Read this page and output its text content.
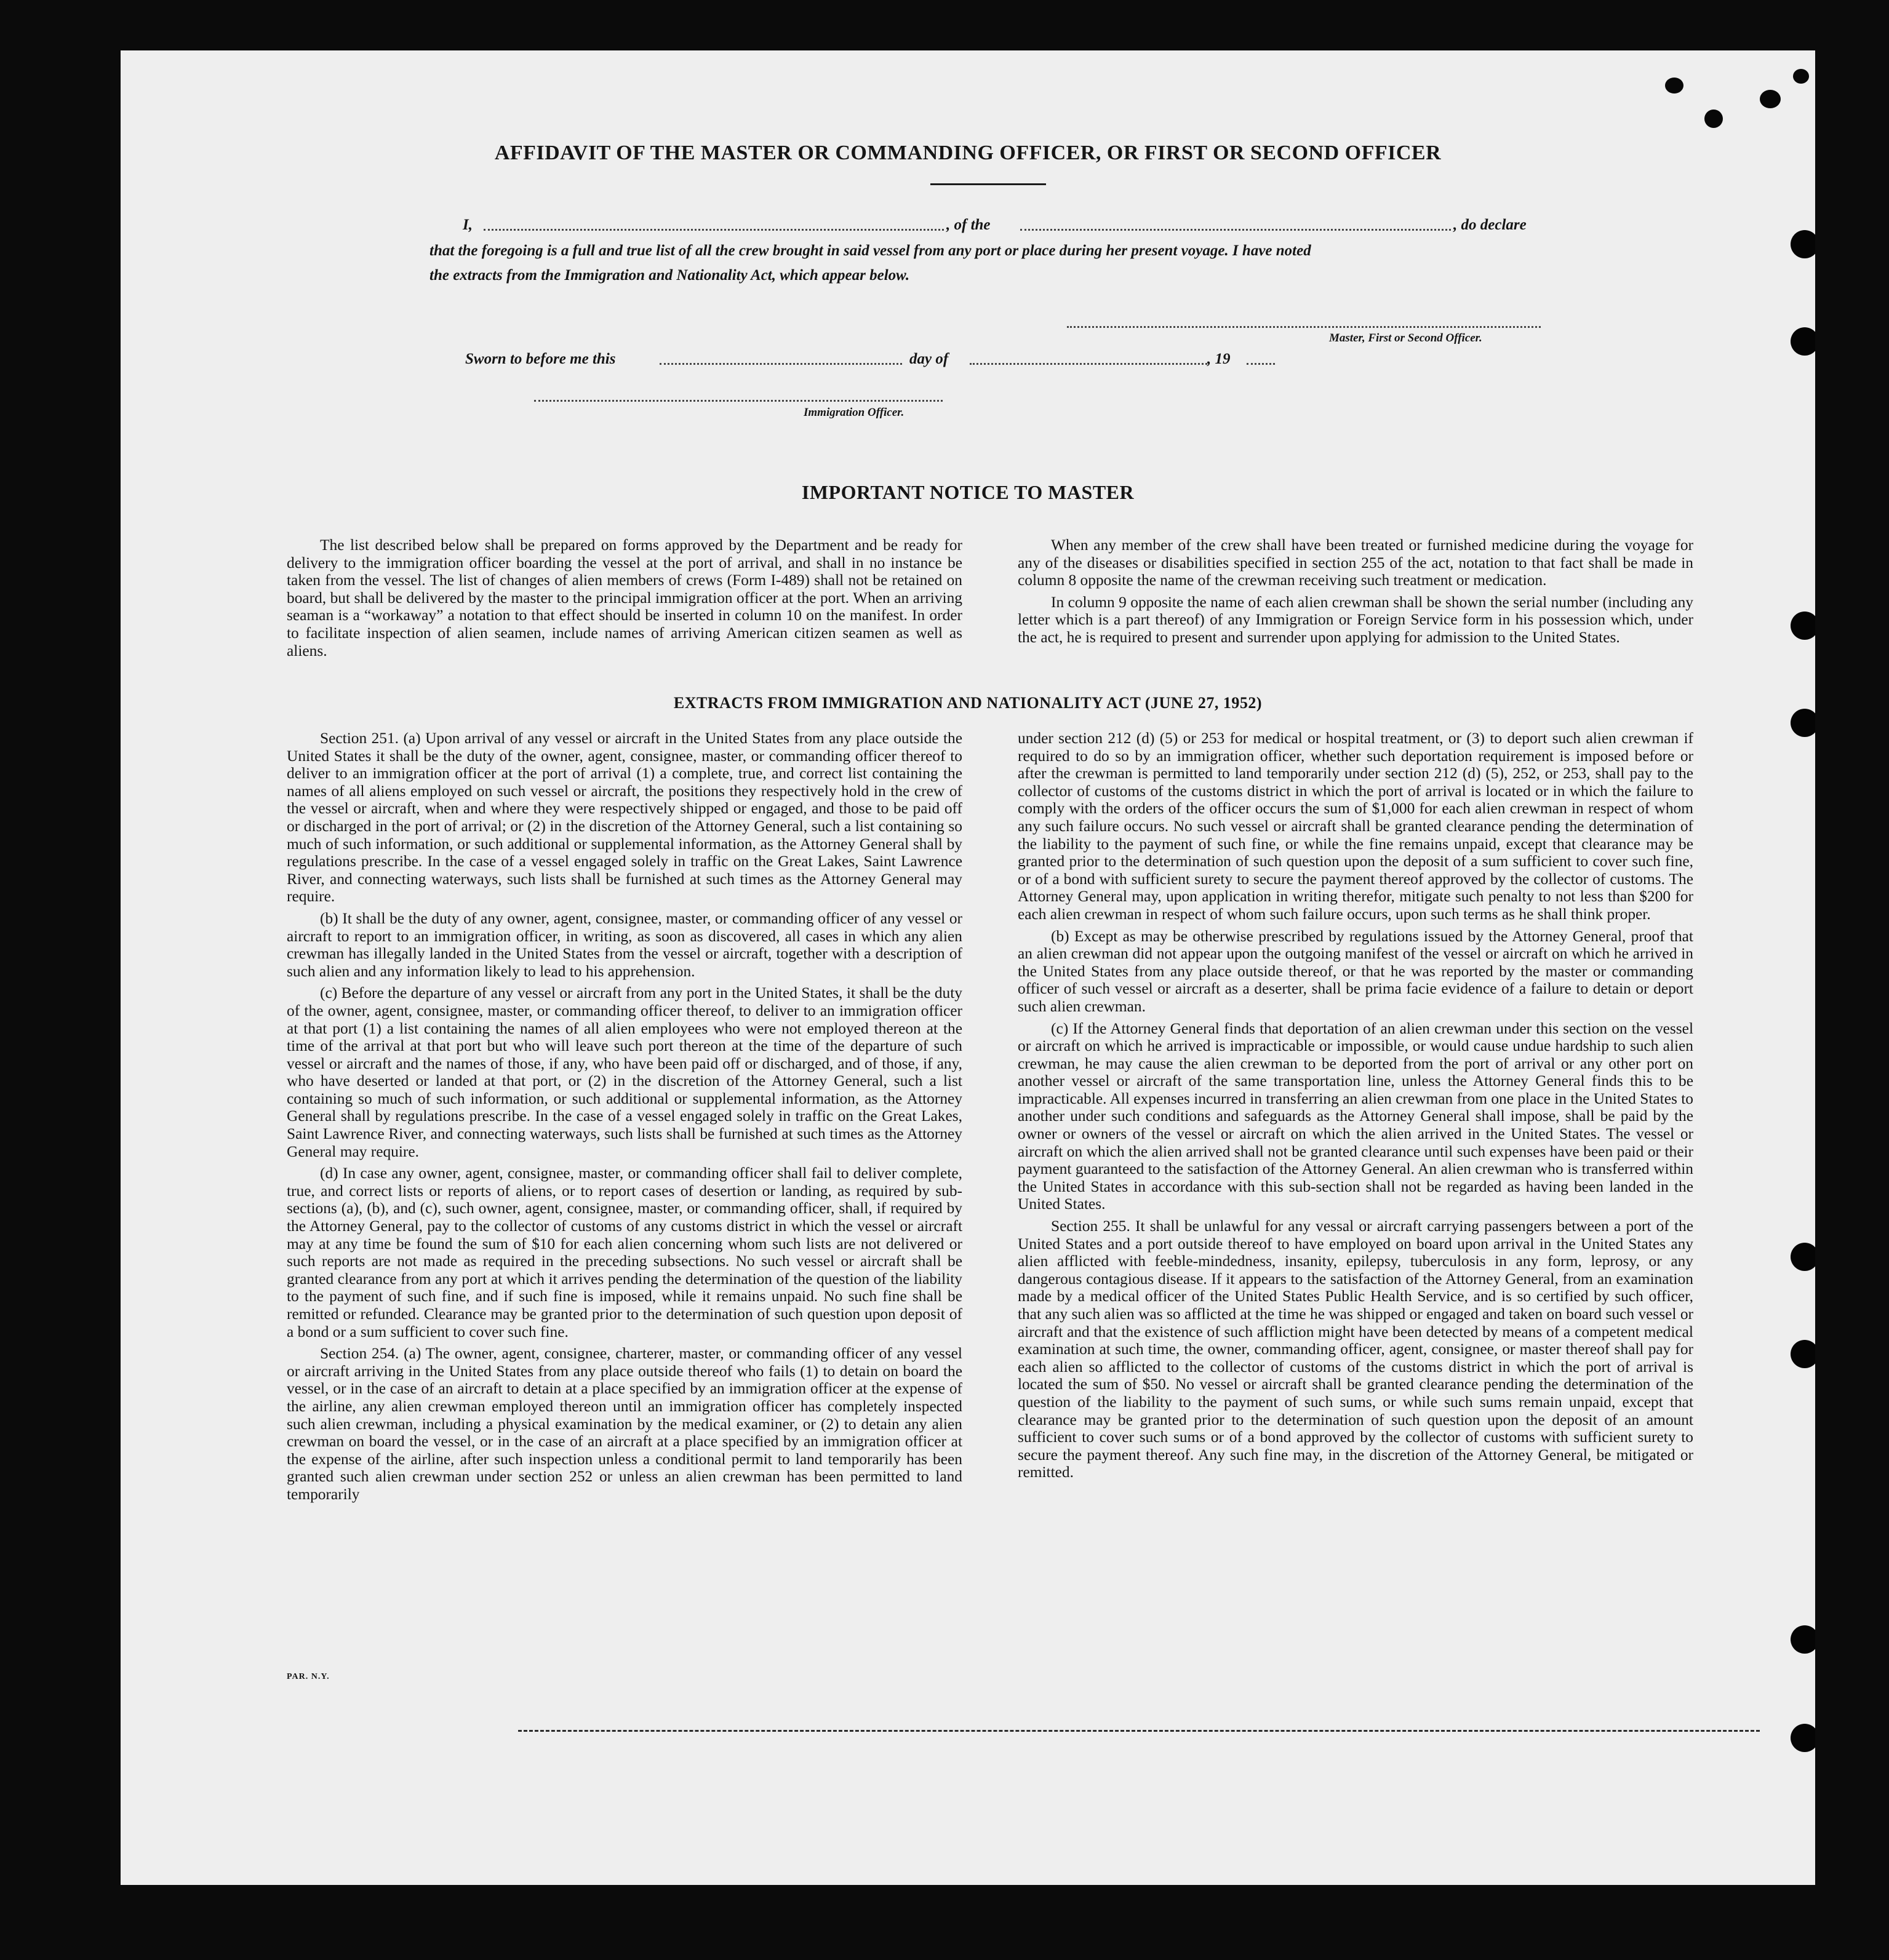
AFFIDAVIT OF THE MASTER OR COMMANDING OFFICER, OR FIRST OR SECOND OFFICER
I,	, of the	, do declare
that the foregoing is a full and true list of all the crew brought in said vessel from any port or place during her present voyage. I have noted
the extracts from the Immigration and Nationality Act, which appear below.
Master, First or Second Officer.
Sworn to before me this	day of	, 19
Immigration Officer.
IMPORTANT NOTICE TO MASTER

The list described below shall be prepared on forms approved by the Department and be ready for delivery to the immigration officer boarding the vessel at the port of arrival, and shall in no instance be taken from the vessel. The list of changes of alien members of crews (Form I-489) shall not be retained on board, but shall be delivered by the master to the principal immigration officer at the port. When an arriving seaman is a “workaway” a notation to that effect should be inserted in column 10 on the manifest. In order to facilitate inspection of alien seamen, include names of arriving American citizen seamen as well as aliens.

When any member of the crew shall have been treated or furnished medicine during the voyage for any of the diseases or disabilities specified in section 255 of the act, notation to that fact shall be made in column 8 opposite the name of the crewman receiving such treatment or medication.

In column 9 opposite the name of each alien crewman shall be shown the serial number (including any letter which is a part thereof) of any Immigration or Foreign Service form in his possession which, under the act, he is required to present and surrender upon applying for admission to the United States.

EXTRACTS FROM IMMIGRATION AND NATIONALITY ACT (JUNE 27, 1952)

Section 251. (a) Upon arrival of any vessel or aircraft in the United States from any place outside the United States it shall be the duty of the owner, agent, consignee, master, or commanding officer thereof to deliver to an immigration officer at the port of arrival (1) a complete, true, and correct list containing the names of all aliens employed on such vessel or aircraft, the positions they respectively hold in the crew of the vessel or aircraft, when and where they were respectively shipped or engaged, and those to be paid off or discharged in the port of arrival; or (2) in the discretion of the Attorney General, such a list containing so much of such information, or such additional or supplemental information, as the Attorney General shall by regulations prescribe. In the case of a vessel engaged solely in traffic on the Great Lakes, Saint Lawrence River, and connecting waterways, such lists shall be furnished at such times as the Attorney General may require.

(b) It shall be the duty of any owner, agent, consignee, master, or commanding officer of any vessel or aircraft to report to an immigration officer, in writing, as soon as discovered, all cases in which any alien crewman has illegally landed in the United States from the vessel or aircraft, together with a description of such alien and any information likely to lead to his apprehension.

(c) Before the departure of any vessel or aircraft from any port in the United States, it shall be the duty of the owner, agent, consignee, master, or commanding officer thereof, to deliver to an immigration officer at that port (1) a list containing the names of all alien employees who were not employed thereon at the time of the arrival at that port but who will leave such port thereon at the time of the departure of such vessel or aircraft and the names of those, if any, who have been paid off or discharged, and of those, if any, who have deserted or landed at that port, or (2) in the discretion of the Attorney General, such a list containing so much of such information, or such additional or supplemental information, as the Attorney General shall by regulations prescribe. In the case of a vessel engaged solely in traffic on the Great Lakes, Saint Lawrence River, and connecting waterways, such lists shall be furnished at such times as the Attorney General may require.

(d) In case any owner, agent, consignee, master, or commanding officer shall fail to deliver complete, true, and correct lists or reports of aliens, or to report cases of desertion or landing, as required by sub-sections (a), (b), and (c), such owner, agent, consignee, master, or commanding officer, shall, if required by the Attorney General, pay to the collector of customs of any customs district in which the vessel or aircraft may at any time be found the sum of $10 for each alien concerning whom such lists are not delivered or such reports are not made as required in the preceding subsections. No such vessel or aircraft shall be granted clearance from any port at which it arrives pending the determination of the question of the liability to the payment of such fine, and if such fine is imposed, while it remains unpaid. No such fine shall be remitted or refunded. Clearance may be granted prior to the determination of such question upon deposit of a bond or a sum sufficient to cover such fine.

Section 254. (a) The owner, agent, consignee, charterer, master, or commanding officer of any vessel or aircraft arriving in the United States from any place outside thereof who fails (1) to detain on board the vessel, or in the case of an aircraft to detain at a place specified by an immigration officer at the expense of the airline, any alien crewman employed thereon until an immigration officer has completely inspected such alien crewman, including a physical examination by the medical examiner, or (2) to detain any alien crewman on board the vessel, or in the case of an aircraft at a place specified by an immigration officer at the expense of the airline, after such inspection unless a conditional permit to land temporarily has been granted such alien crewman under section 252 or unless an alien crewman has been permitted to land temporarily

under section 212 (d) (5) or 253 for medical or hospital treatment, or (3) to deport such alien crewman if required to do so by an immigration officer, whether such deportation requirement is imposed before or after the crewman is permitted to land temporarily under section 212 (d) (5), 252, or 253, shall pay to the collector of customs of the customs district in which the port of arrival is located or in which the failure to comply with the orders of the officer occurs the sum of $1,000 for each alien crewman in respect of whom any such failure occurs. No such vessel or aircraft shall be granted clearance pending the determination of the liability to the payment of such fine, or while the fine remains unpaid, except that clearance may be granted prior to the determination of such question upon the deposit of a sum sufficient to cover such fine, or of a bond with sufficient surety to secure the payment thereof approved by the collector of customs. The Attorney General may, upon application in writing therefor, mitigate such penalty to not less than $200 for each alien crewman in respect of whom such failure occurs, upon such terms as he shall think proper.

(b) Except as may be otherwise prescribed by regulations issued by the Attorney General, proof that an alien crewman did not appear upon the outgoing manifest of the vessel or aircraft on which he arrived in the United States from any place outside thereof, or that he was reported by the master or commanding officer of such vessel or aircraft as a deserter, shall be prima facie evidence of a failure to detain or deport such alien crewman.

(c) If the Attorney General finds that deportation of an alien crewman under this section on the vessel or aircraft on which he arrived is impracticable or impossible, or would cause undue hardship to such alien crewman, he may cause the alien crewman to be deported from the port of arrival or any other port on another vessel or aircraft of the same transportation line, unless the Attorney General finds this to be impracticable. All expenses incurred in transferring an alien crewman from one place in the United States to another under such conditions and safeguards as the Attorney General shall impose, shall be paid by the owner or owners of the vessel or aircraft on which the alien arrived in the United States. The vessel or aircraft on which the alien arrived shall not be granted clearance until such expenses have been paid or their payment guaranteed to the satisfaction of the Attorney General. An alien crewman who is transferred within the United States in accordance with this sub-section shall not be regarded as having been landed in the United States.

Section 255. It shall be unlawful for any vessal or aircraft carrying passengers between a port of the United States and a port outside thereof to have employed on board upon arrival in the United States any alien afflicted with feeble-mindedness, insanity, epilepsy, tuberculosis in any form, leprosy, or any dangerous contagious disease. If it appears to the satisfaction of the Attorney General, from an examination made by a medical officer of the United States Public Health Service, and is so certified by such officer, that any such alien was so afflicted at the time he was shipped or engaged and taken on board such vessel or aircraft and that the existence of such affliction might have been detected by means of a competent medical examination at such time, the owner, commanding officer, agent, consignee, or master thereof shall pay for each alien so afflicted to the collector of customs of the customs district in which the port of arrival is located the sum of $50. No vessel or aircraft shall be granted clearance pending the determination of the question of the liability to the payment of such sums, or while such sums remain unpaid, except that clearance may be granted prior to the determination of such question upon the deposit of an amount sufficient to cover such sums or of a bond approved by the collector of customs with sufficient surety to secure the payment thereof. Any such fine may, in the discretion of the Attorney General, be mitigated or remitted.

PAR. N.Y.
